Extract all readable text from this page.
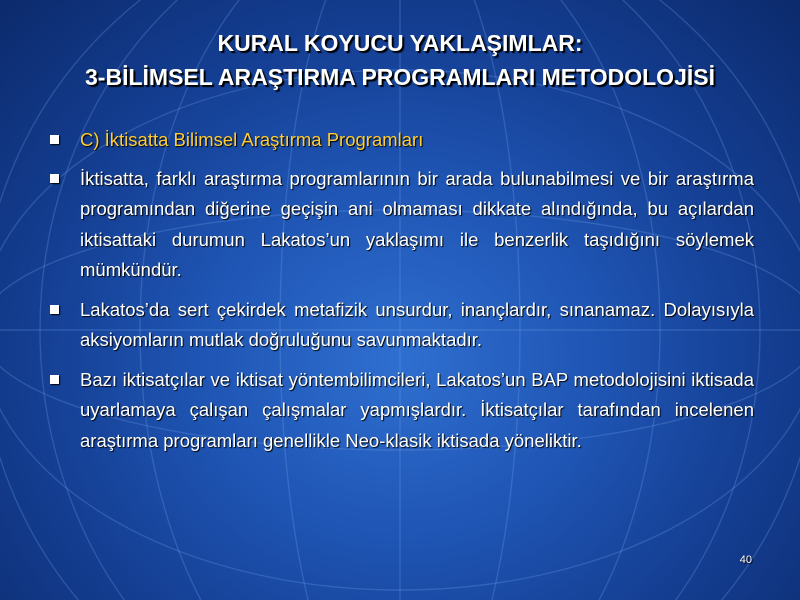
KURAL KOYUCU YAKLAŞIMLAR:
3-BİLİMSEL ARAŞTIRMA PROGRAMLARI METODOLOJİSİ
C) İktisatta Bilimsel Araştırma Programları
İktisatta, farklı araştırma programlarının bir arada bulunabilmesi ve bir araştırma programından diğerine geçişin ani olmaması dikkate alındığında, bu açılardan iktisattaki durumun Lakatos’un yaklaşımı ile benzerlik taşıdığını söylemek mümkündür.
Lakatos’da sert çekirdek metafizik unsurdur, inançlardır, sınanamaz. Dolayısıyla aksiyomların mutlak doğruluğunu savunmaktadır.
Bazı iktisatçılar ve iktisat yöntembilimcileri, Lakatos’un BAP metodolojisini iktisada uyarlamaya çalışan çalışmalar yapmışlardır. İktisatçılar tarafından incelenen araştırma programları genellikle Neo-klasik iktisada yöneliktir.
40
